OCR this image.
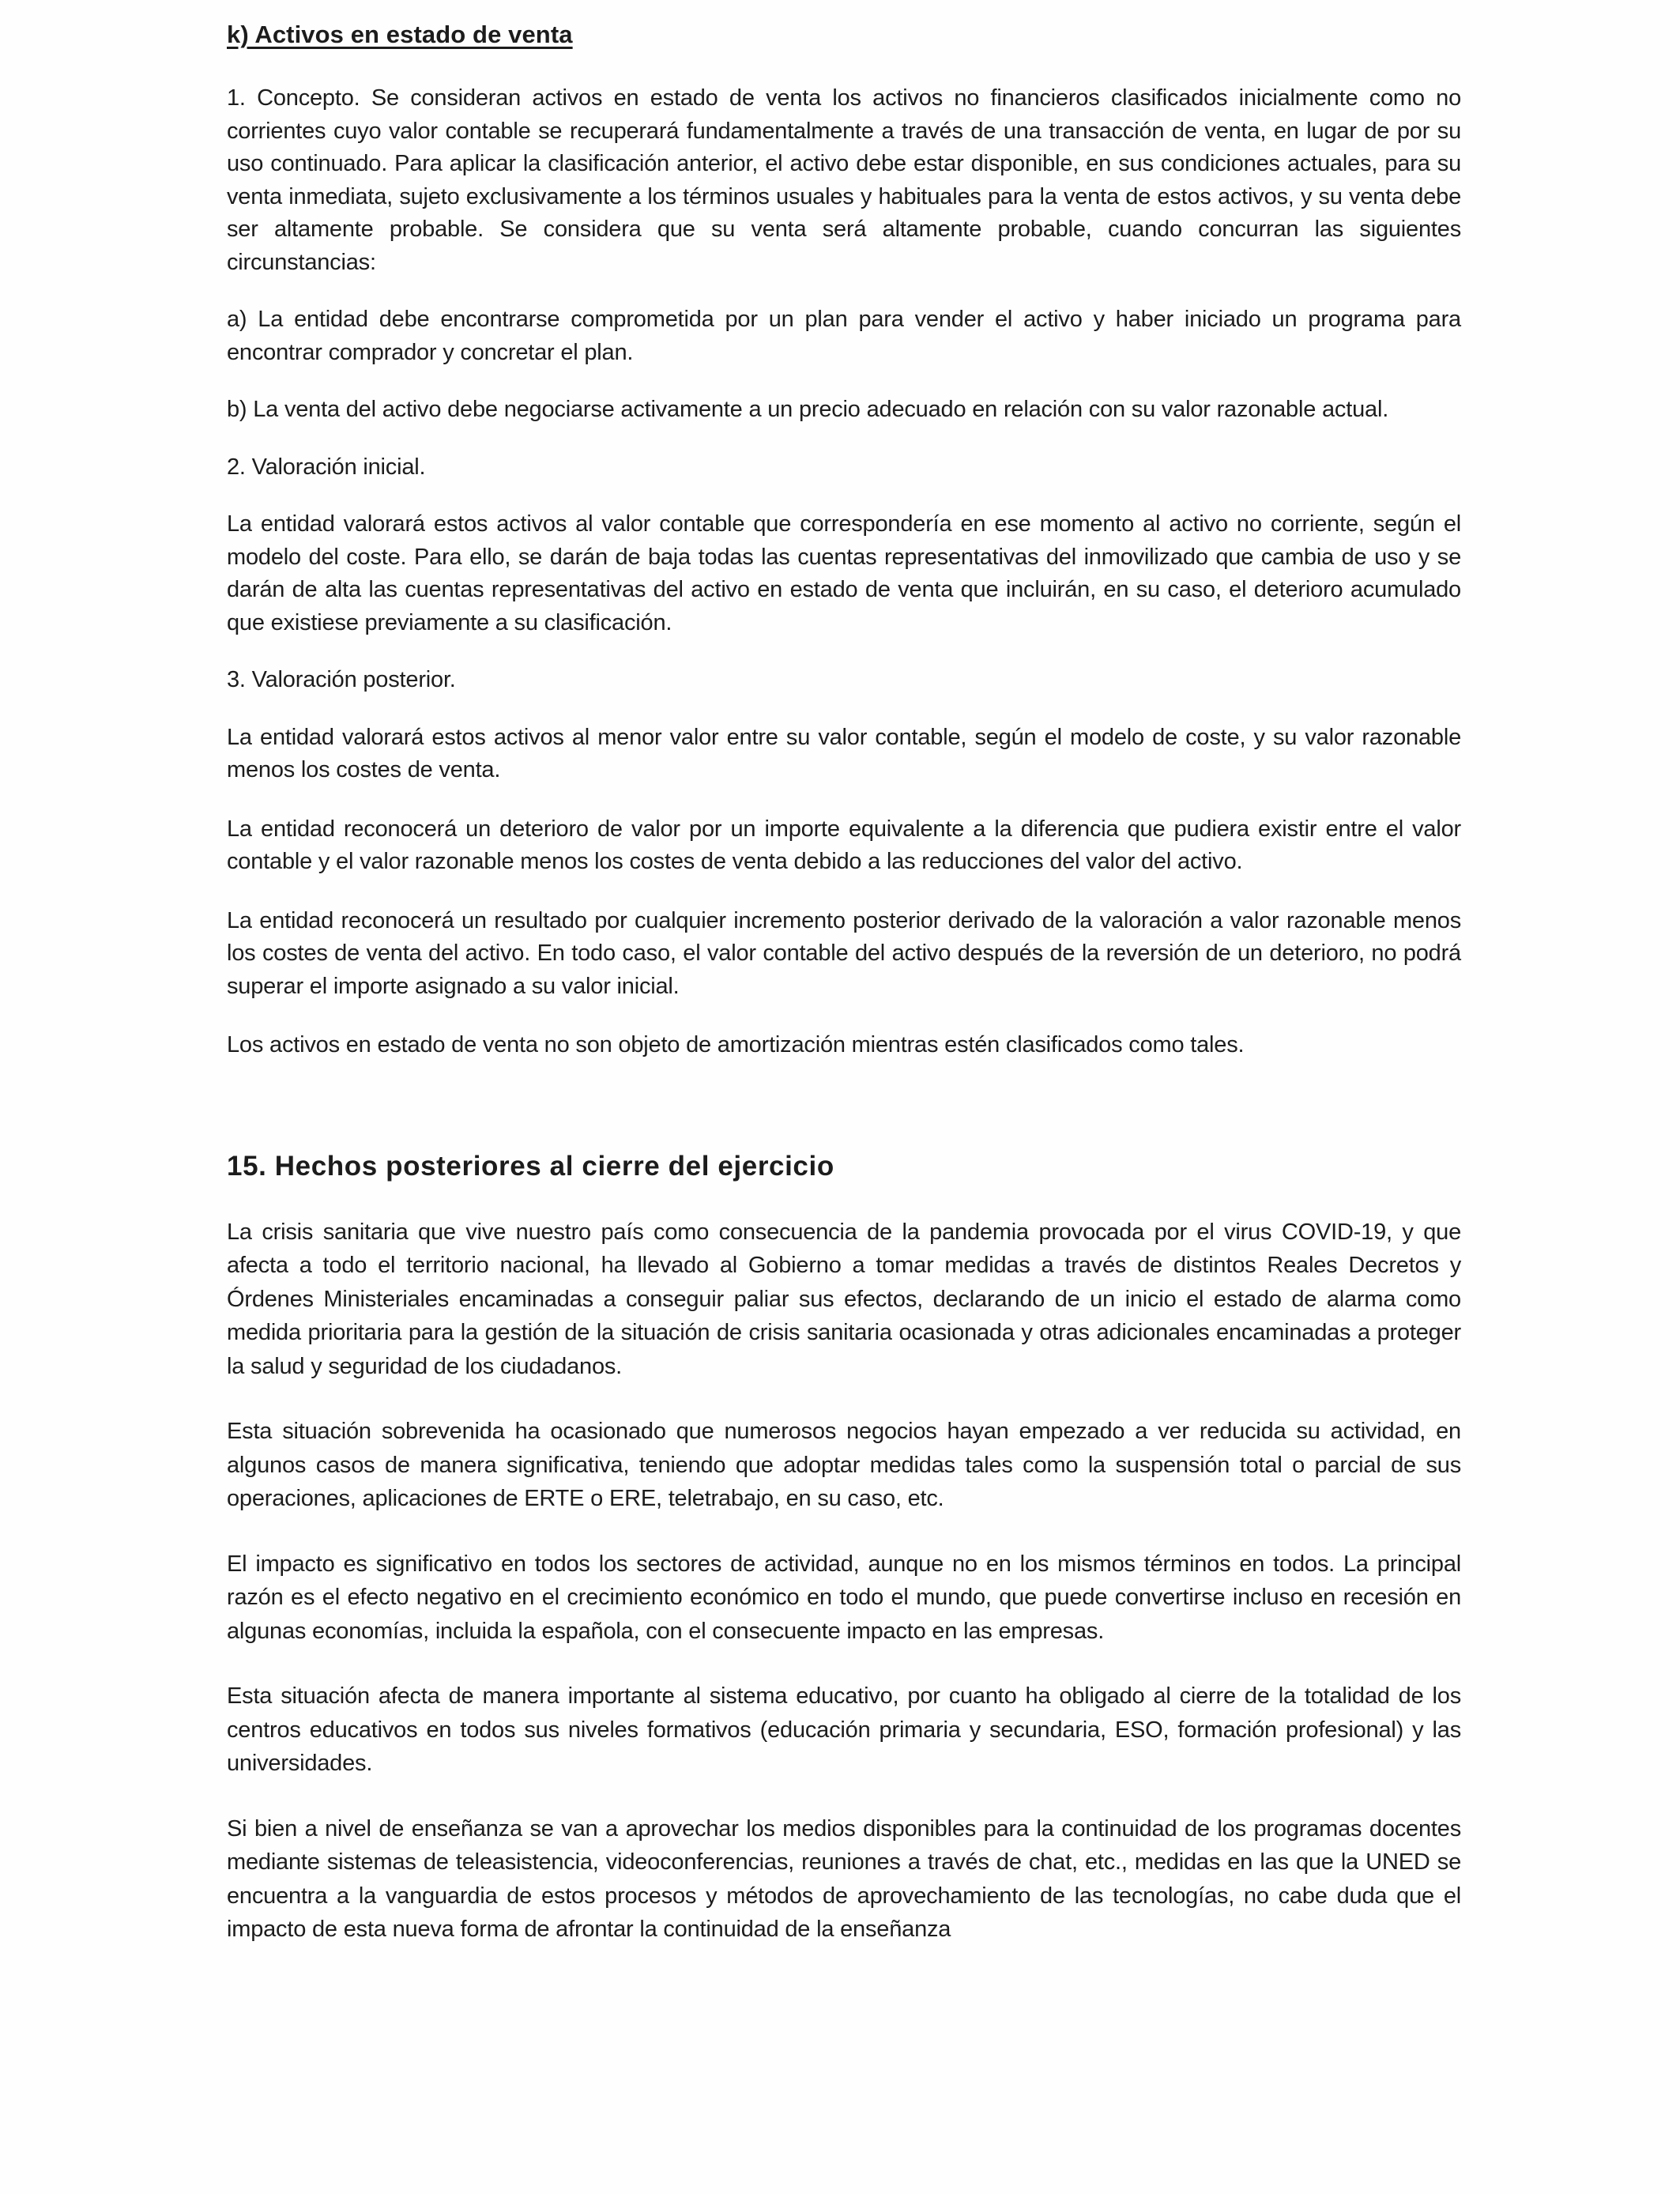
k) Activos en estado de venta

1. Concepto. Se consideran activos en estado de venta los activos no financieros clasificados inicialmente como no corrientes cuyo valor contable se recuperará fundamentalmente a través de una transacción de venta, en lugar de por su uso continuado. Para aplicar la clasificación anterior, el activo debe estar disponible, en sus condiciones actuales, para su venta inmediata, sujeto exclusivamente a los términos usuales y habituales para la venta de estos activos, y su venta debe ser altamente probable. Se considera que su venta será altamente probable, cuando concurran las siguientes circunstancias:

a) La entidad debe encontrarse comprometida por un plan para vender el activo y haber iniciado un programa para encontrar comprador y concretar el plan.

b) La venta del activo debe negociarse activamente a un precio adecuado en relación con su valor razonable actual.

2. Valoración inicial.

La entidad valorará estos activos al valor contable que correspondería en ese momento al activo no corriente, según el modelo del coste. Para ello, se darán de baja todas las cuentas representativas del inmovilizado que cambia de uso y se darán de alta las cuentas representativas del activo en estado de venta que incluirán, en su caso, el deterioro acumulado que existiese previamente a su clasificación.

3. Valoración posterior.

La entidad valorará estos activos al menor valor entre su valor contable, según el modelo de coste, y su valor razonable menos los costes de venta.

La entidad reconocerá un deterioro de valor por un importe equivalente a la diferencia que pudiera existir entre el valor contable y el valor razonable menos los costes de venta debido a las reducciones del valor del activo.

La entidad reconocerá un resultado por cualquier incremento posterior derivado de la valoración a valor razonable menos los costes de venta del activo. En todo caso, el valor contable del activo después de la reversión de un deterioro, no podrá superar el importe asignado a su valor inicial.

Los activos en estado de venta no son objeto de amortización mientras estén clasificados como tales.

15. Hechos posteriores al cierre del ejercicio

La crisis sanitaria que vive nuestro país como consecuencia de la pandemia provocada por el virus COVID-19, y que afecta a todo el territorio nacional, ha llevado al Gobierno a tomar medidas a través de distintos Reales Decretos y Órdenes Ministeriales encaminadas a conseguir paliar sus efectos, declarando de un inicio el estado de alarma como medida prioritaria para la gestión de la situación de crisis sanitaria ocasionada y otras adicionales encaminadas a proteger la salud y seguridad de los ciudadanos.

Esta situación sobrevenida ha ocasionado que numerosos negocios hayan empezado a ver reducida su actividad, en algunos casos de manera significativa, teniendo que adoptar medidas tales como la suspensión total o parcial de sus operaciones, aplicaciones de ERTE o ERE, teletrabajo, en su caso, etc.

El impacto es significativo en todos los sectores de actividad, aunque no en los mismos términos en todos. La principal razón es el efecto negativo en el crecimiento económico en todo el mundo, que puede convertirse incluso en recesión en algunas economías, incluida la española, con el consecuente impacto en las empresas.

Esta situación afecta de manera importante al sistema educativo, por cuanto ha obligado al cierre de la totalidad de los centros educativos en todos sus niveles formativos (educación primaria y secundaria, ESO, formación profesional) y las universidades.

Si bien a nivel de enseñanza se van a aprovechar los medios disponibles para la continuidad de los programas docentes mediante sistemas de teleasistencia, videoconferencias, reuniones a través de chat, etc., medidas en las que la UNED se encuentra a la vanguardia de estos procesos y métodos de aprovechamiento de las tecnologías, no cabe duda que el impacto de esta nueva forma de afrontar la continuidad de la enseñanza
